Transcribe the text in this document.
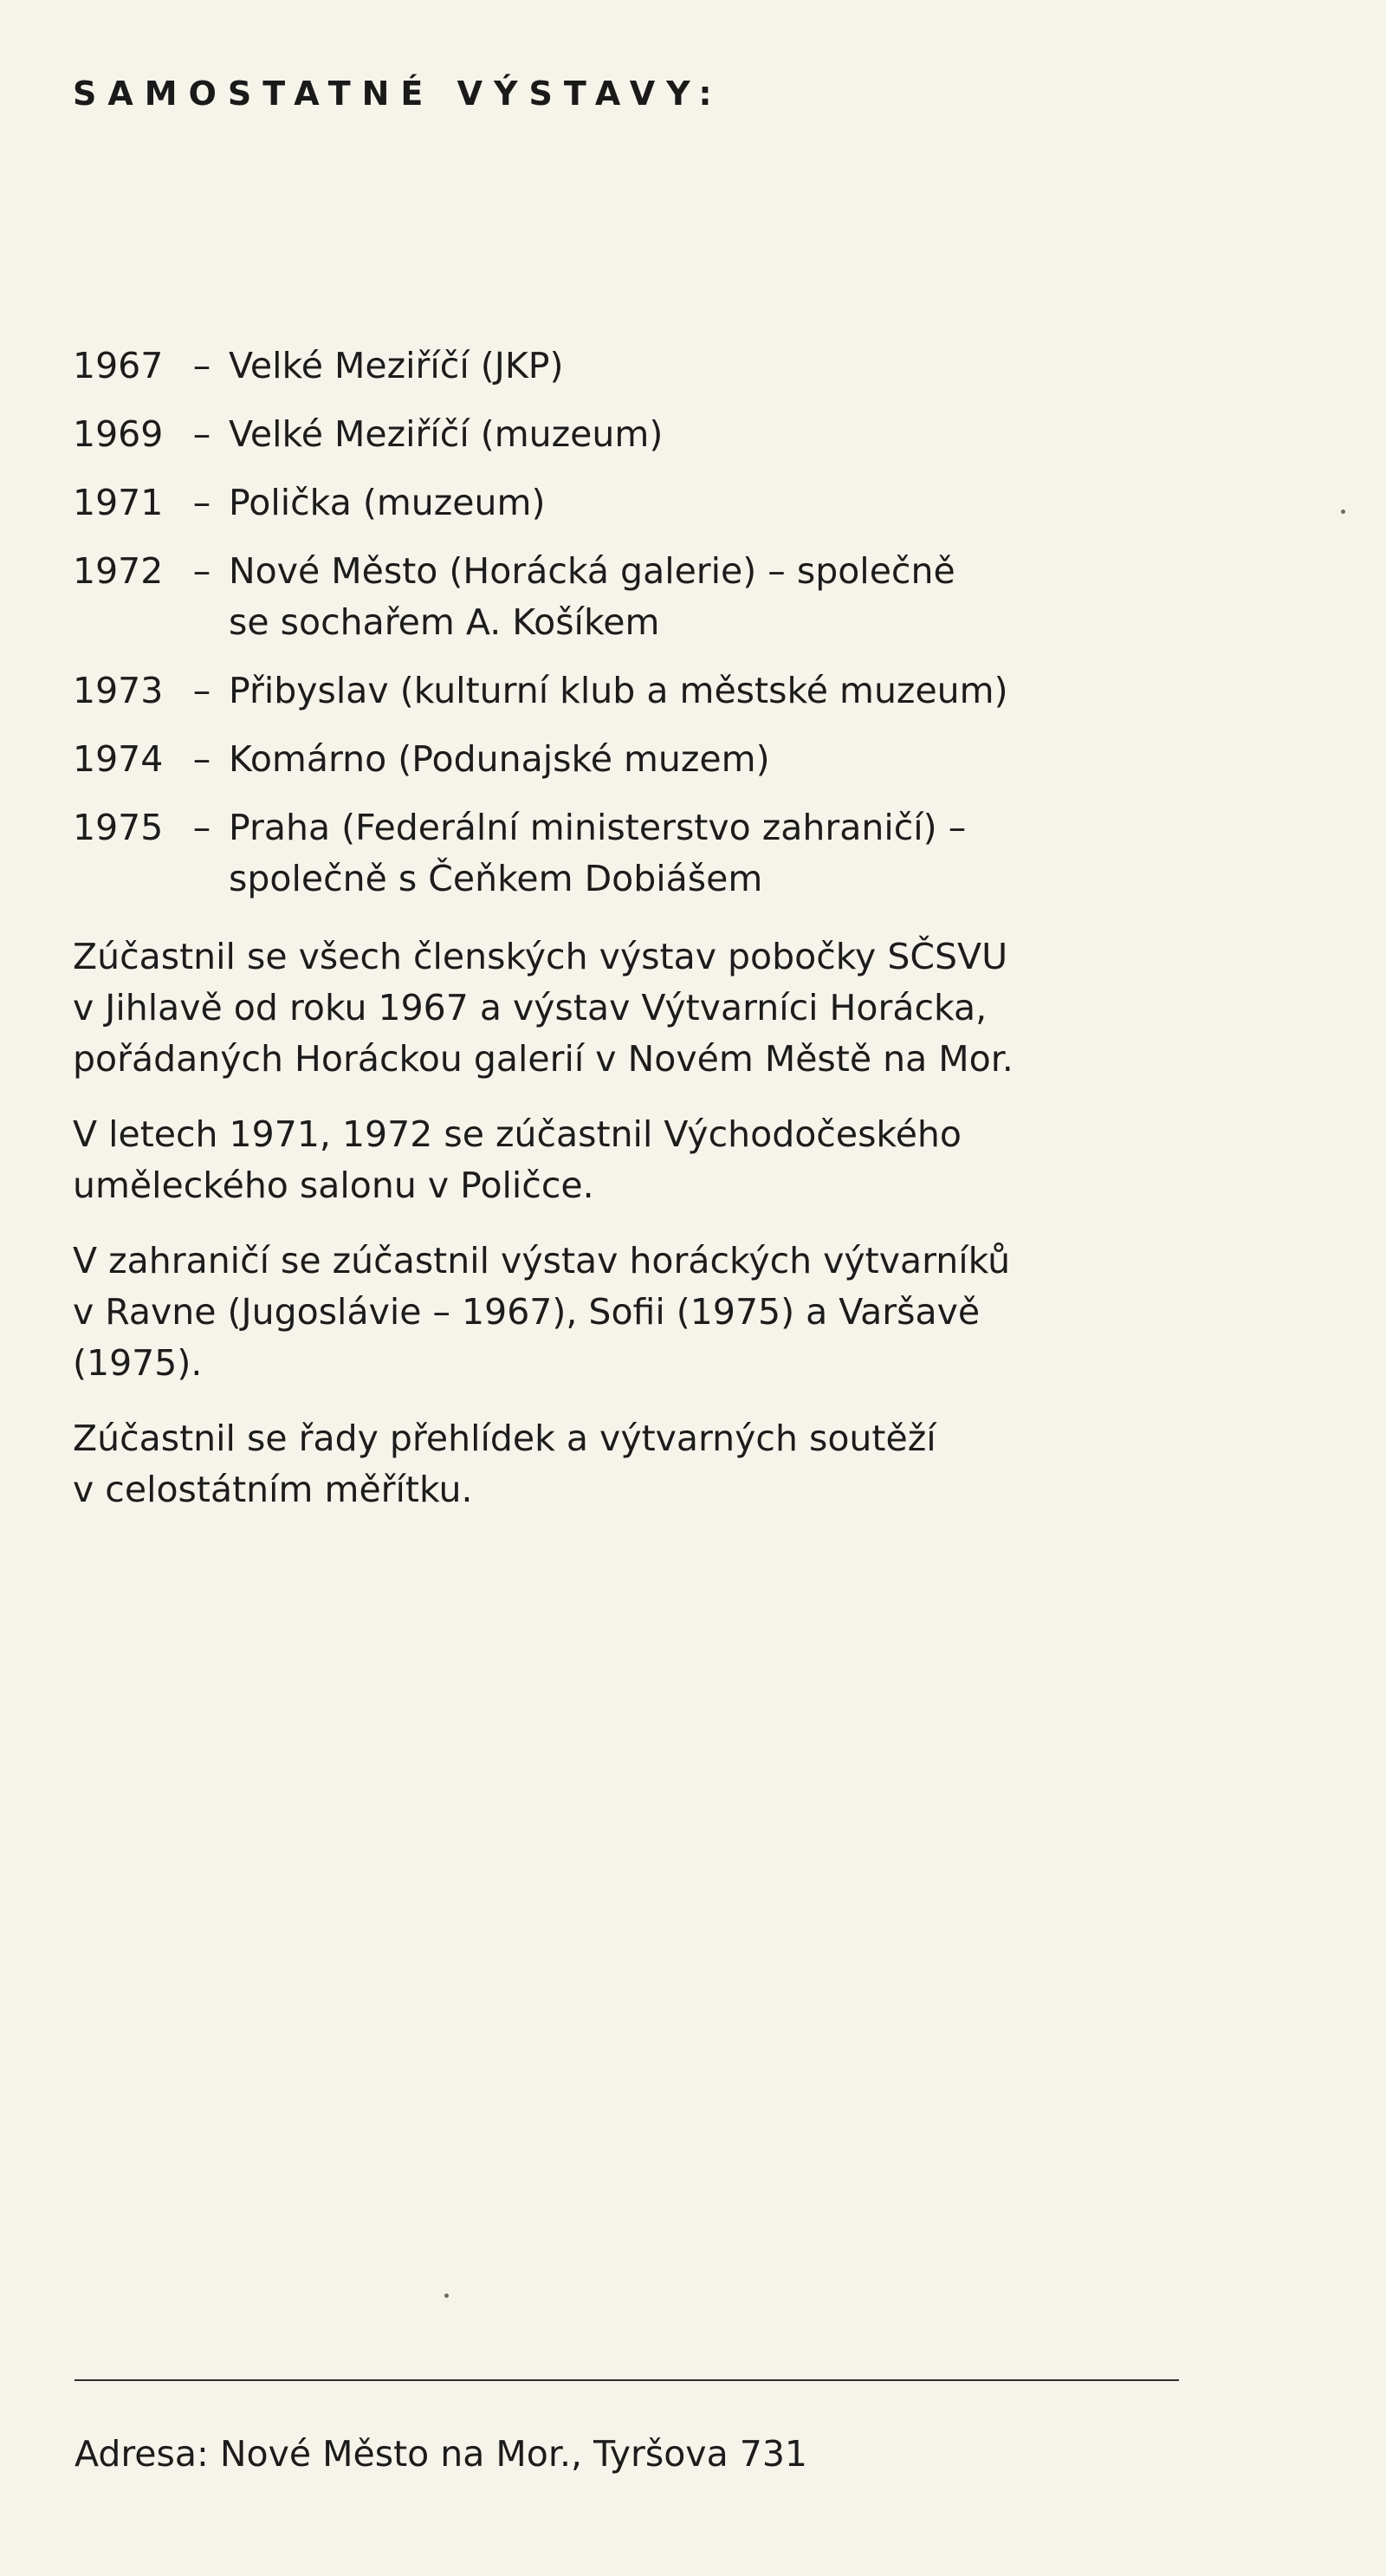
SAMOSTATNÉ VÝSTAVY:
1967 – Velké Meziříčí (JKP)
1969 – Velké Meziříčí (muzeum)
1971 – Polička (muzeum)
1972 – Nové Město (Horácká galerie) – společně
se sochařem A. Košíkem
1973 – Přibyslav (kulturní klub a městské muzeum)
1974 – Komárno (Podunajské muzem)
1975 – Praha (Federální ministerstvo zahraničí) –
společně s Čeňkem Dobiášem

Zúčastnil se všech členských výstav pobočky SČSVU
v Jihlavě od roku 1967 a výstav Výtvarníci Horácka,
pořádaných Horáckou galerií v Novém Městě na Mor.

V letech 1971, 1972 se zúčastnil Východočeského
uměleckého salonu v Poličce.

V zahraničí se zúčastnil výstav horáckých výtvarníků
v Ravne (Jugoslávie – 1967), Sofii (1975) a Varšavě
(1975).

Zúčastnil se řady přehlídek a výtvarných soutěží
v celostátním měřítku.

Adresa: Nové Město na Mor., Tyršova 731
